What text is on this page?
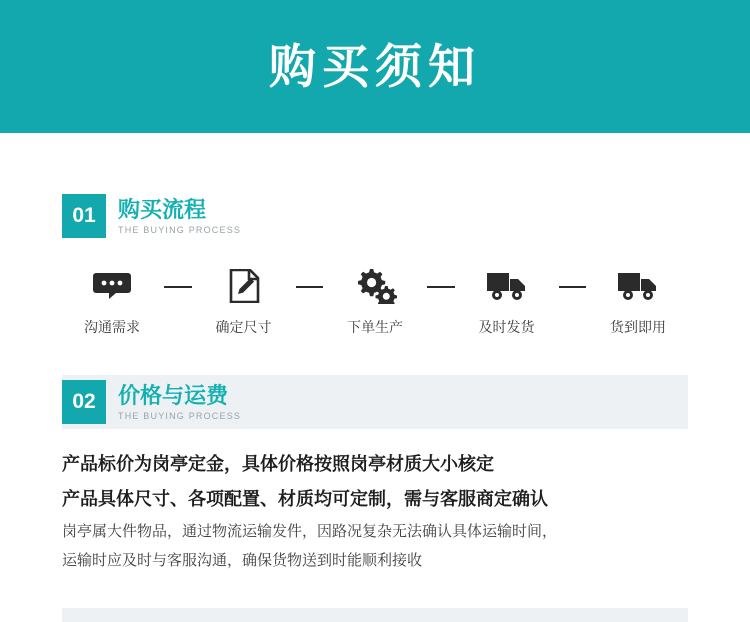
购买须知
01	购买流程
THE BUYING PROCESS
沟通需求	确定尺寸	下单生产	及时发货	货到即用
02	价格与运费
THE BUYING PROCESS
产品标价为岗亭定金，具体价格按照岗亭材质大小核定
产品具体尺寸、各项配置、材质均可定制，需与客服商定确认
岗亭属大件物品，通过物流运输发件，因路况复杂无法确认具体运输时间，
运输时应及时与客服沟通，确保货物送到时能顺利接收
